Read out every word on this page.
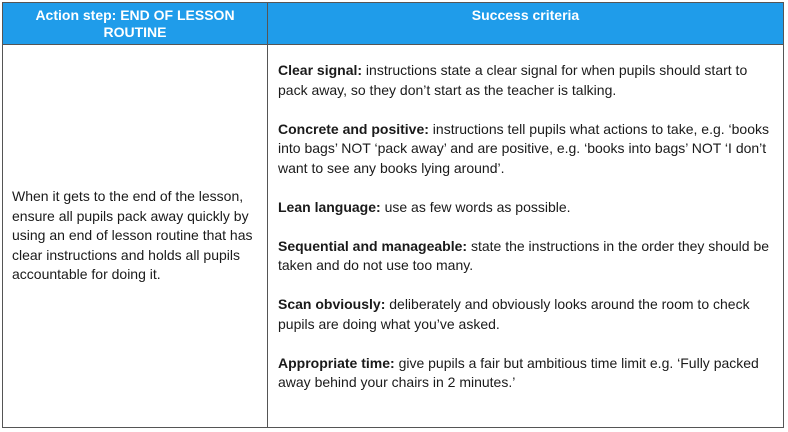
Action step: END OF LESSON ROUTINE
Success criteria
When it gets to the end of the lesson, ensure all pupils pack away quickly by using an end of lesson routine that has clear instructions and holds all pupils accountable for doing it.

Clear signal: instructions state a clear signal for when pupils should start to pack away, so they don’t start as the teacher is talking.

Concrete and positive: instructions tell pupils what actions to take, e.g. ‘books into bags’ NOT ‘pack away’ and are positive, e.g. ‘books into bags’ NOT ‘I don’t want to see any books lying around’.

Lean language: use as few words as possible.

Sequential and manageable: state the instructions in the order they should be taken and do not use too many.

Scan obviously: deliberately and obviously looks around the room to check pupils are doing what you’ve asked.

Appropriate time: give pupils a fair but ambitious time limit e.g. ‘Fully packed away behind your chairs in 2 minutes.’
